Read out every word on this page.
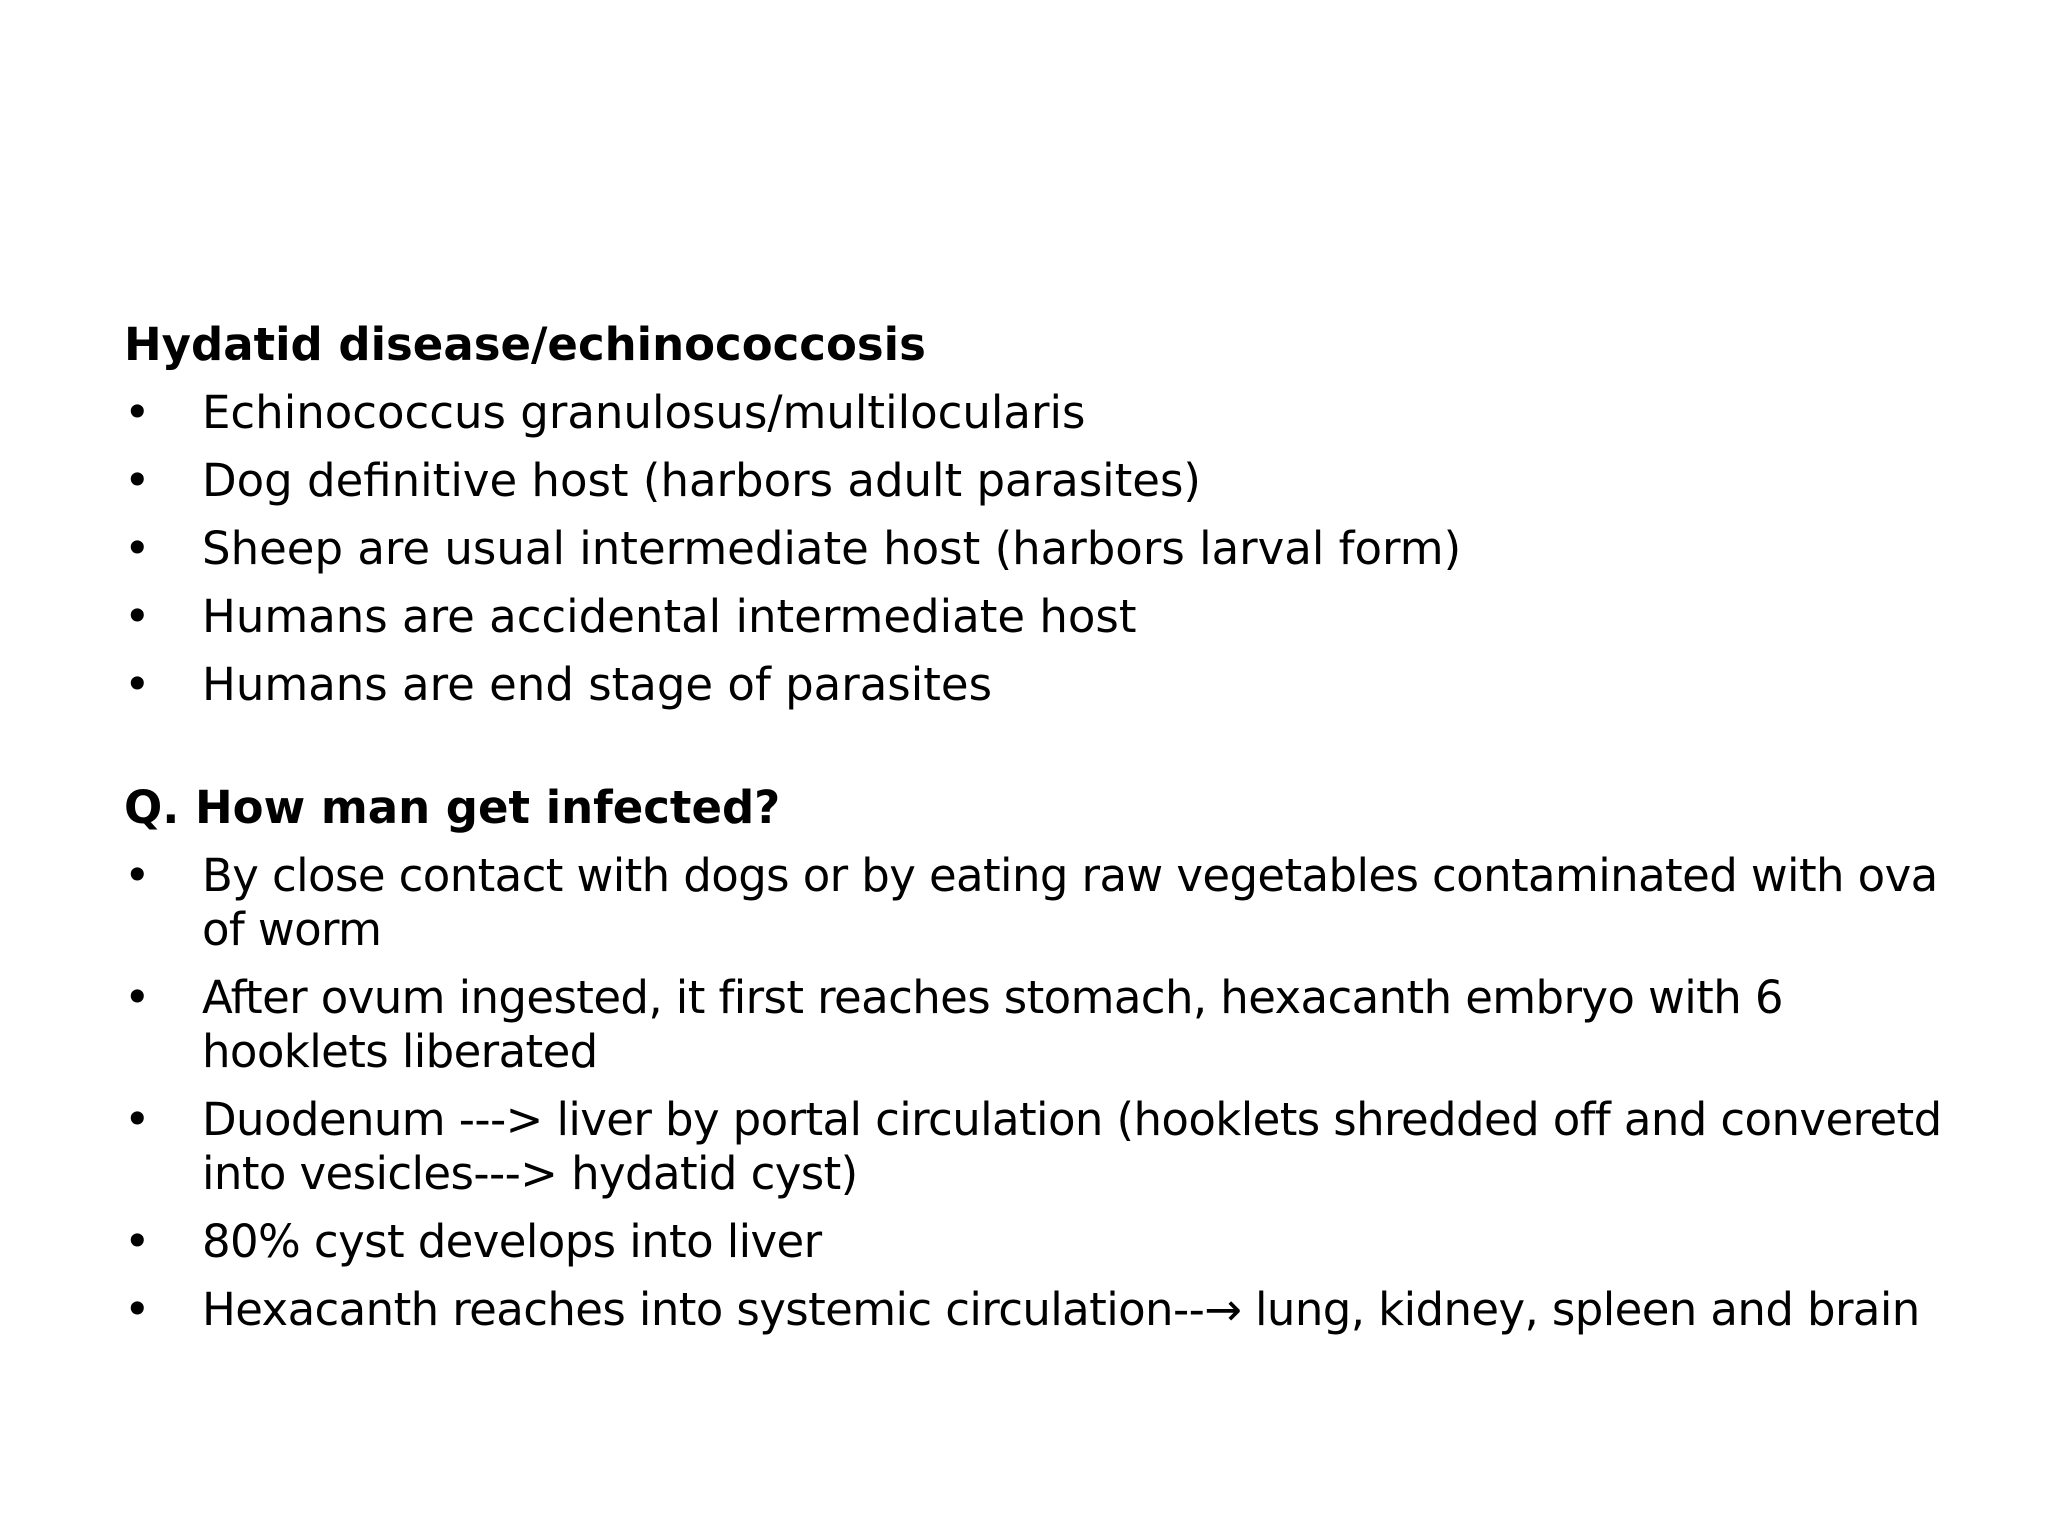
Hydatid disease/echinococcosis

• Echinococcus granulosus/multilocularis
• Dog definitive host (harbors adult parasites)
• Sheep are usual intermediate host (harbors larval form)
• Humans are accidental intermediate host
• Humans are end stage of parasites

Q. How man get infected?

•	By close contact with dogs or by eating raw vegetables contaminated with ova of worm
•	After ovum ingested, it first reaches stomach, hexacanth embryo with 6 hooklets liberated
•	Duodenum ---> liver by portal circulation (hooklets shredded off and converetd into vesicles---> hydatid cyst)
•	80% cyst develops into liver
•	Hexacanth reaches into systemic circulation--→ lung, kidney, spleen and brain
